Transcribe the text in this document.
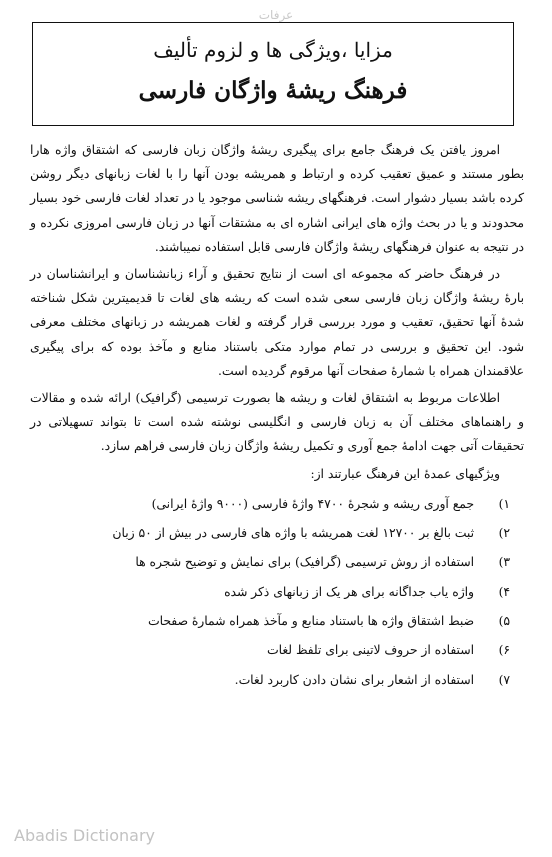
عرفات
مزایا ،ویژگی ها و لزوم تألیف
فرهنگ ریشهٔ واژگان فارسی

امروز یافتن یک فرهنگ جامع برای پیگیری ریشهٔ واژگان زبان فارسی که اشتقاق واژه هارا بطور مستند و عمیق تعقیب کرده و ارتباط و همریشه بودن آنها را با لغات زبانهای دیگر روشن کرده باشد بسیار دشوار است. فرهنگهای ریشه شناسی موجود یا در تعداد لغات فارسی خود بسیار محدودند و یا در بحث واژه های ایرانی اشاره ای به مشتقات آنها در زبان فارسی امروزی نکرده و در نتیجه به عنوان فرهنگهای ریشهٔ واژگان فارسی قابل استفاده نمیباشند.

در فرهنگ حاضر که مجموعه ای است از نتایج تحقیق و آراء زبانشناسان و ایرانشناسان در بارهٔ ریشهٔ واژگان زبان فارسی سعی شده است که ریشه های لغات تا قدیمیترین شکل شناخته شدهٔ آنها تحقیق، تعقیب و مورد بررسی قرار گرفته و لغات همریشه در زبانهای مختلف معرفی شود. این تحقیق و بررسی در تمام موارد متکی باستناد منابع و مآخذ بوده که برای پیگیری علاقمندان همراه با شمارهٔ صفحات آنها مرقوم گردیده است.

اطلاعات مربوط به اشتقاق لغات و ریشه ها بصورت ترسیمی (گرافیک) ارائه شده و مقالات و راهنماهای مختلف آن به زبان فارسی و انگلیسی نوشته شده است تا بتواند تسهیلاتی در تحقیقات آتی جهت ادامهٔ جمع آوری و تکمیل ریشهٔ واژگان زبان فارسی فراهم سازد.

ویژگیهای عمدهٔ این فرهنگ عبارتند از:

۱)
جمع آوری ریشه و شجرهٔ ۴۷۰۰ واژهٔ فارسی (۹۰۰۰ واژهٔ ایرانی)
۲)
ثبت بالغ بر ۱۲۷۰۰ لغت همریشه با واژه های فارسی در بیش از ۵۰ زبان
۳)
استفاده از روش ترسیمی (گرافیک) برای نمایش و توضیح شجره ها
۴)
واژه یاب جداگانه برای هر یک از زبانهای ذکر شده
۵)
ضبط اشتقاق واژه ها باستناد منابع و مآخذ همراه شمارهٔ صفحات
۶)
استفاده از حروف لاتینی برای تلفظ لغات
۷)
استفاده از اشعار برای نشان دادن کاربرد لغات.
Abadis Dictionary
